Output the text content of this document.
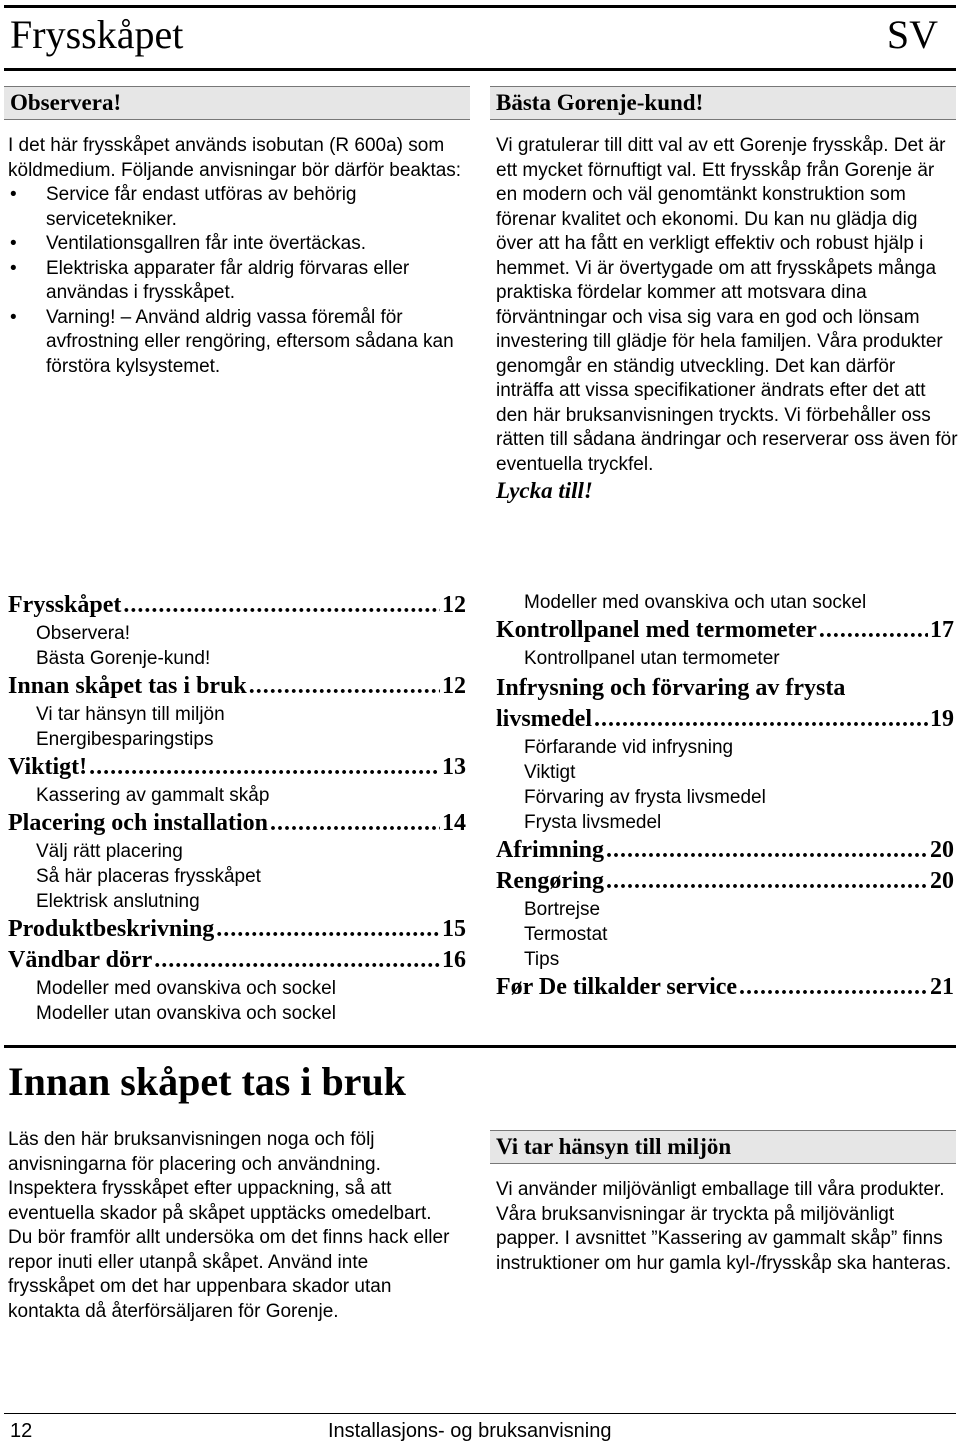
Frysskåpet	SV
Observera!

I det här frysskåpet används isobutan (R 600a) som köldmedium. Följande anvisningar bör därför beaktas:

• Service får endast utföras av behörig servicetekniker.
• Ventilationsgallren får inte övertäckas.
• Elektriska apparater får aldrig förvaras eller användas i frysskåpet.
• Varning! – Använd aldrig vassa föremål för avfrostning eller rengöring, eftersom sådana kan förstöra kylsystemet.
Bästa Gorenje-kund!

Vi gratulerar till ditt val av ett Gorenje frysskåp. Det är ett mycket förnuftigt val. Ett frysskåp från Gorenje är en modern och väl genomtänkt konstruktion som förenar kvalitet och ekonomi. Du kan nu glädja dig över att ha fått en verkligt effektiv och robust hjälp i hemmet. Vi är övertygade om att frysskåpets många praktiska fördelar kommer att motsvara dina förväntningar och visa sig vara en god och lönsam investering till glädje för hela familjen. Våra produkter genomgår en ständig utveckling. Det kan därför inträffa att vissa specifikationer ändrats efter det att den här bruksanvisningen tryckts. Vi förbehåller oss rätten till sådana ändringar och reserverar oss även för eventuella tryckfel.

Lycka till!

Frysskåpet .....	12
Observera!
Bästa Gorenje-kund!
Innan skåpet tas i bruk .....	12
Vi tar hänsyn till miljön
Energibesparingstips
Viktigt! .....	13
Kassering av gammalt skåp
Placering och installation .....	14
Välj rätt placering
Så här placeras frysskåpet
Elektrisk anslutning
Produktbeskrivning .....	15
Vändbar dörr .....	16
Modeller med ovanskiva och sockel
Modeller utan ovanskiva och sockel
Modeller med ovanskiva och utan sockel
Kontrollpanel med termometer .....	17
Kontrollpanel utan termometer
Infrysning och förvaring av frysta
livsmedel .....	19
Förfarande vid infrysning
Viktigt
Förvaring av frysta livsmedel
Frysta livsmedel
Afrimning .....	20
Rengøring .....	20
Bortrejse
Termostat
Tips
Før De tilkalder service .....	21
Innan skåpet tas i bruk

Läs den här bruksanvisningen noga och följ anvisningarna för placering och användning. Inspektera frysskåpet efter uppackning, så att eventuella skador på skåpet upptäcks omedelbart. Du bör framför allt undersöka om det finns hack eller repor inuti eller utanpå skåpet. Använd inte frysskåpet om det har uppenbara skador utan kontakta då återförsäljaren för Gorenje.

Vi tar hänsyn till miljön

Vi använder miljövänligt emballage till våra produkter. Våra bruksanvisningar är tryckta på miljövänligt papper. I avsnittet ”Kassering av gammalt skåp” finns instruktioner om hur gamla kyl-/frysskåp ska hanteras.

12	Installasjons- og bruksanvisning
